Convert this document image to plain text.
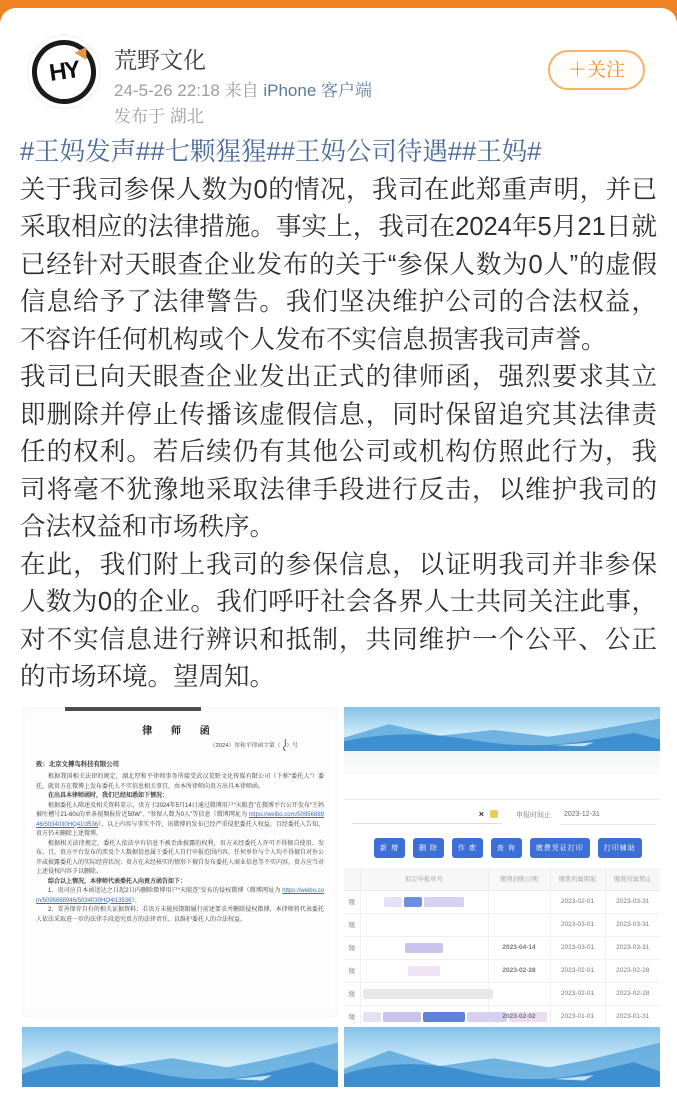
HY 荒野文化
24-5-26 22:18 来自 iPhone 客户端
发布于 湖北
＋关注

#王妈发声##七颗猩猩##王妈公司待遇##王妈#

关于我司参保人数为0的情况，我司在此郑重声明，并已采取相应的法律措施。事实上，我司在2024年5月21日就已经针对天眼查企业发布的关于“参保人数为0人”的虚假信息给予了法律警告。我们坚决维护公司的合法权益，不容许任何机构或个人发布不实信息损害我司声誉。

我司已向天眼查企业发出正式的律师函，强烈要求其立即删除并停止传播该虚假信息，同时保留追究其法律责任的权利。若后续仍有其他公司或机构仿照此行为，我司将毫不犹豫地采取法律手段进行反击，以维护我司的合法权益和市场秩序。

在此，我们附上我司的参保信息，以证明我司并非参保人数为0的企业。我们呼吁社会各界人士共同关注此事，对不实信息进行辨识和抵制，共同维护一个公平、公正的市场环境。望周知。

律 师 函

（2024）厚和平律函字第（　）号

致：北京文搏鸟科技有限公司

根据我国相关法律的规定，湖北厚和平律师事务所接受武汉荒野文化传媒有限公司（下称“委托人”）委托，就贵方在微博上发布委托人不实信息相关事宜，由本所律师向贵方出具本律师函。

在出具本律师函时，我们已经知悉如下情况：

根据委托人陈述及相关资料显示，贵方于2024年5月14日通过微博用户“天眼查”在微博平台公开发布“王妈被吐槽号21-60s的单条视频报价近50W”、“参保人数为0人”等信息（微博网址为 https://weibo.com/5095688946/5034030HQ41l3536），以上内容与事实不符，该微博的发布已经严重侵犯委托人权益，且经委托人告知，贵方仍未删除上述微博。

根据相关法律规定，委托人依法享有信息不被歪曲披露的权利，贵方未经委托人许可不得擅自使用、发布。且，贵方平台发布的涉及个人数据信息属于委托人自行申报范围内容，任何单位与个人均不得擅自对外公开或披露委托人的实际经营状况；贵方在未经核实的情形下擅自发布委托人商业信息等不实内容，贵方应当对上述侵权内容予以删除。

综合以上情况，本律师代表委托人向贵方函告如下：

1、贵司应自本函送达之日起2日内删除微博用户“天眼查”发布的侵权微博（微博网址为 https://weibo.com/5095688946/5034030HQ4l13536）。

2、妥善保存自有的相关证据资料；若贵方未能按期限履行前述要求并删除侵权微博，本律师将代表委托人依法采取进一步的法律手段追究贵方的法律责任，以维护委托人的合法权益。

×	申报时间止	2023-12-31
新 增	删 除	作 废	查 询	缴费凭证打印	打印辅助
	拟定申报单号	缴费到账日期	缴费所属期起	缴费所属期止
缴			2023-02-01	2023-03-31
缴			2023-03-01	2023-03-31
缴		2023-04-14	2023-03-01	2023-03-31
缴		2023-02-28	2023-02-01	2023-02-28
缴			2023-02-01	2023-02-28
缴		2023-02-02	2023-01-01	2023-01-31
